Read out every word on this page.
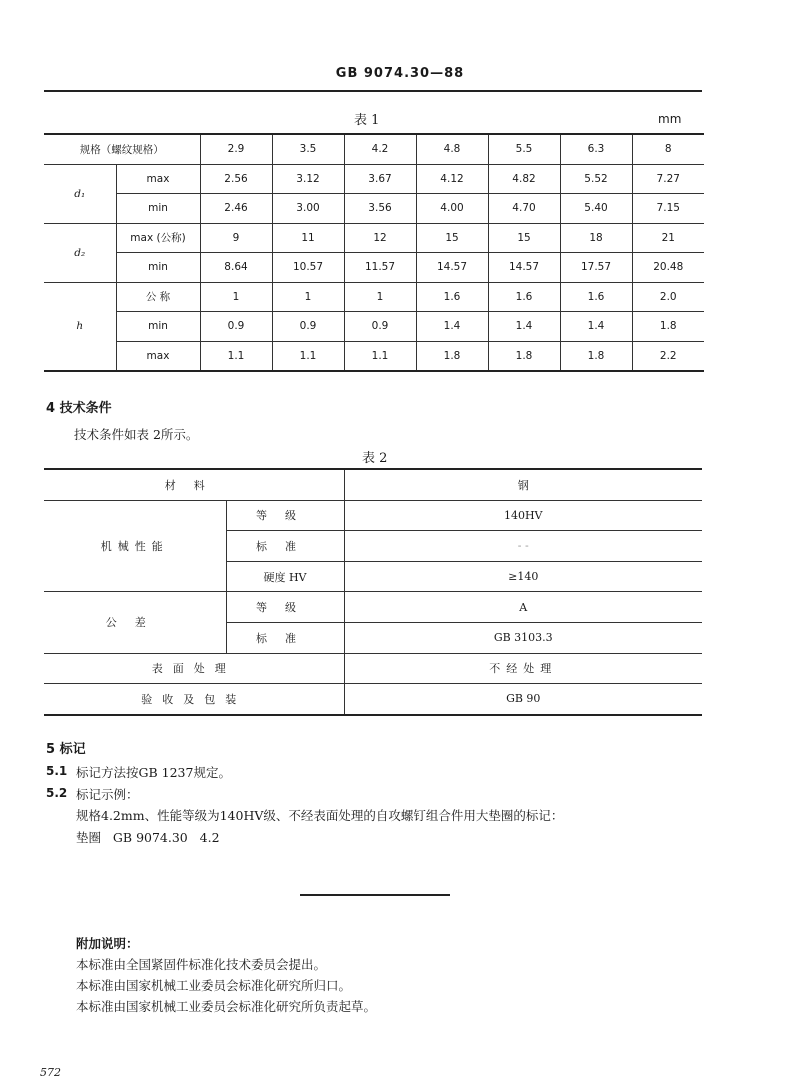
GB 9074.30—88
表 1	mm
规格（螺纹规格）		2.9	3.5	4.2	4.8	5.5	6.3	8
d₁	max	2.56	3.12	3.67	4.12	4.82	5.52	7.27
	min	2.46	3.00	3.56	4.00	4.70	5.40	7.15
d₂	max (公称)	9	11	12	15	15	18	21
	min	8.64	10.57	11.57	14.57	14.57	17.57	20.48
h	公 称	1	1	1	1.6	1.6	1.6	2.0
	min	0.9	0.9	0.9	1.4	1.4	1.4	1.8
	max	1.1	1.1	1.1	1.8	1.8	1.8	2.2
4 技术条件
技术条件如表 2所示。
表 2
材料		钢
机械性能	等级	140HV
	标准	- -
	硬度 HV	≥140
公差	等级	A
	标准	GB 3103.3
表面处理		不经处理
验收及包装		GB 90
5 标记
5.1 标记方法按GB 1237规定。
5.2 标记示例：
规格4.2mm、性能等级为140HV级、不经表面处理的自攻螺钉组合件用大垫圈的标记：
垫圈   GB 9074.30   4.2
附加说明：
本标准由全国紧固件标准化技术委员会提出。
本标准由国家机械工业委员会标准化研究所归口。
本标准由国家机械工业委员会标准化研究所负责起草。
572
